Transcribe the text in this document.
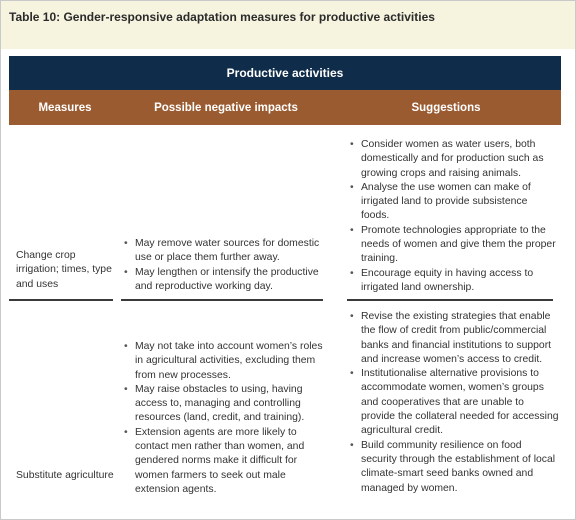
Table 10: Gender-responsive adaptation measures for productive activities
Productive activities
Measures	Possible negative impacts	Suggestions
Change crop irrigation; times, type and uses
• May remove water sources for domestic use or place them further away.
• May lengthen or intensify the productive and reproductive working day.
• Consider women as water users, both domestically and for production such as growing crops and raising animals.
• Analyse the use women can make of irrigated land to provide subsistence foods.
• Promote technologies appropriate to the needs of women and give them the proper training.
• Encourage equity in having access to irrigated land ownership.
Substitute agriculture
• May not take into account women’s roles in agricultural activities, excluding them from new processes.
• May raise obstacles to using, having access to, managing and controlling resources (land, credit, and training).
• Extension agents are more likely to contact men rather than women, and gendered norms make it difficult for women farmers to seek out male extension agents.
• Revise the existing strategies that enable the flow of credit from public/commercial banks and financial institutions to support and increase women’s access to credit.
• Institutionalise alternative provisions to accommodate women, women’s groups and cooperatives that are unable to provide the collateral needed for accessing agricultural credit.
• Build community resilience on food security through the establishment of local climate-smart seed banks owned and managed by women.
